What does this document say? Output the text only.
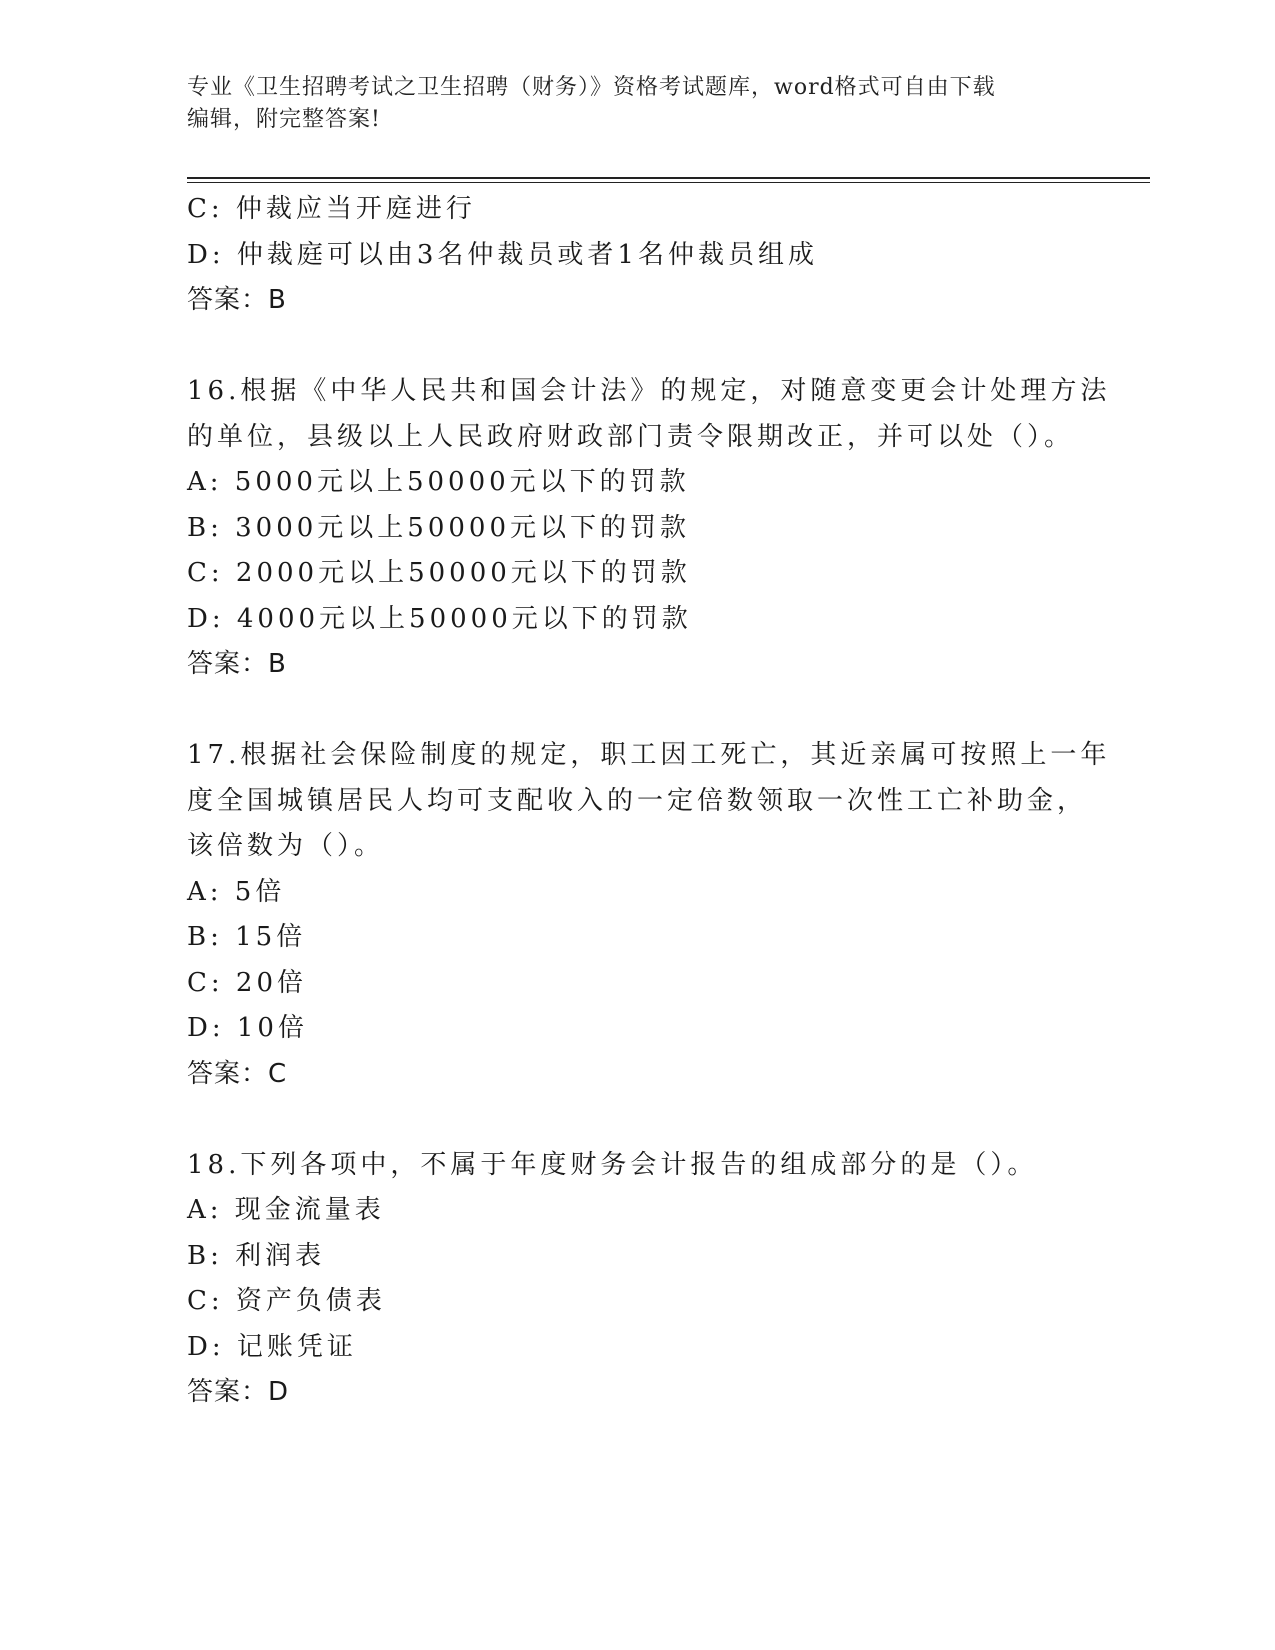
专业《卫生招聘考试之卫生招聘（财务）》资格考试题库，word格式可自由下载
编辑，附完整答案!
C: 仲裁应当开庭进行
D: 仲裁庭可以由3名仲裁员或者1名仲裁员组成
答案：B
16.根据《中华人民共和国会计法》的规定，对随意变更会计处理方法
的单位，县级以上人民政府财政部门责令限期改正，并可以处（）。
A: 5000元以上50000元以下的罚款
B: 3000元以上50000元以下的罚款
C: 2000元以上50000元以下的罚款
D: 4000元以上50000元以下的罚款
答案：B
17.根据社会保险制度的规定，职工因工死亡，其近亲属可按照上一年
度全国城镇居民人均可支配收入的一定倍数领取一次性工亡补助金，
该倍数为（）。
A: 5倍
B: 15倍
C: 20倍
D: 10倍
答案：C
18.下列各项中，不属于年度财务会计报告的组成部分的是（）。
A: 现金流量表
B: 利润表
C: 资产负债表
D: 记账凭证
答案：D
